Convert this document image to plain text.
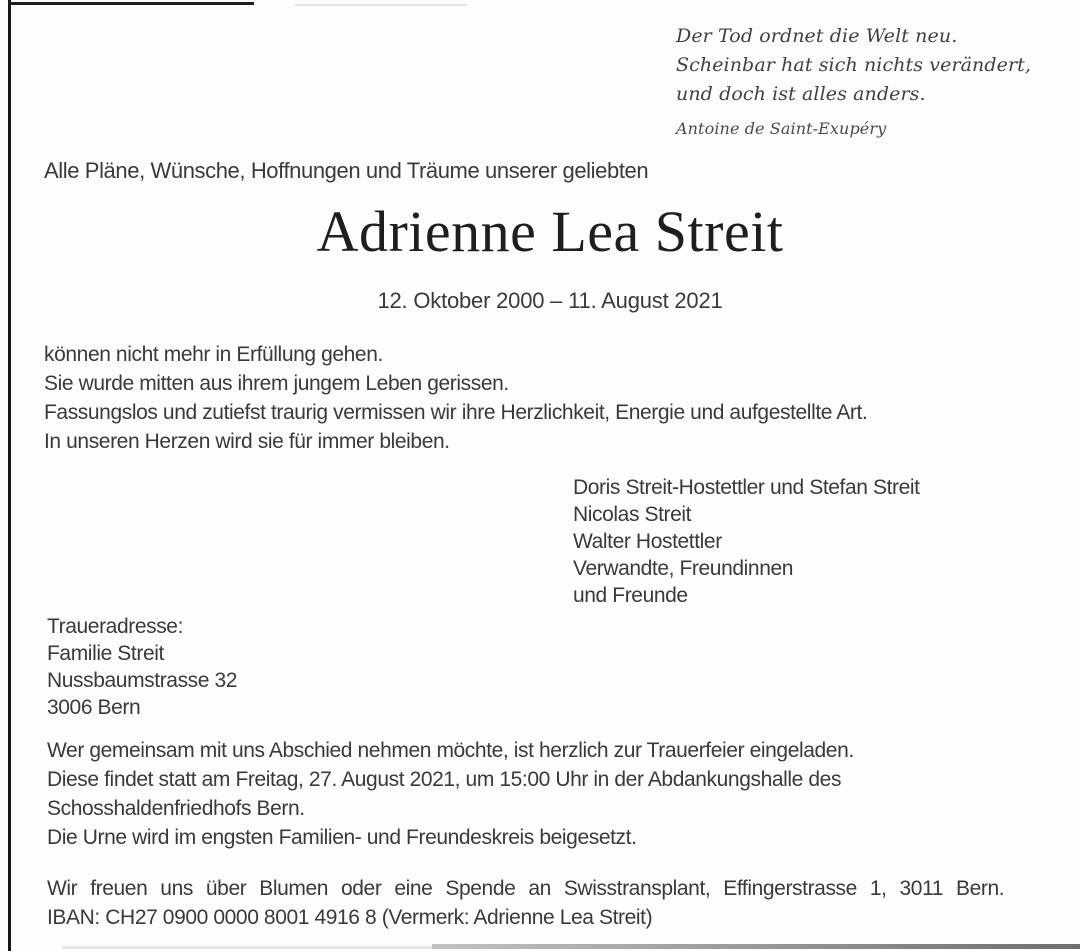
Der Tod ordnet die Welt neu.
Scheinbar hat sich nichts verändert,
und doch ist alles anders.
Antoine de Saint-Exupéry
Alle Pläne, Wünsche, Hoffnungen und Träume unserer geliebten
Adrienne Lea Streit
12. Oktober 2000 – 11. August 2021
können nicht mehr in Erfüllung gehen.
Sie wurde mitten aus ihrem jungem Leben gerissen.
Fassungslos und zutiefst traurig vermissen wir ihre Herzlichkeit, Energie und aufgestellte Art.
In unseren Herzen wird sie für immer bleiben.
Doris Streit-Hostettler und Stefan Streit
Nicolas Streit
Walter Hostettler
Verwandte, Freundinnen
und Freunde
Traueradresse:
Familie Streit
Nussbaumstrasse 32
3006 Bern
Wer gemeinsam mit uns Abschied nehmen möchte, ist herzlich zur Trauerfeier eingeladen.
Diese findet statt am Freitag, 27. August 2021, um 15:00 Uhr in der Abdankungshalle des
Schosshaldenfriedhofs Bern.
Die Urne wird im engsten Familien- und Freundeskreis beigesetzt.
Wir freuen uns über Blumen oder eine Spende an Swisstransplant, Effingerstrasse 1, 3011 Bern.
IBAN: CH27 0900 0000 8001 4916 8 (Vermerk: Adrienne Lea Streit)
